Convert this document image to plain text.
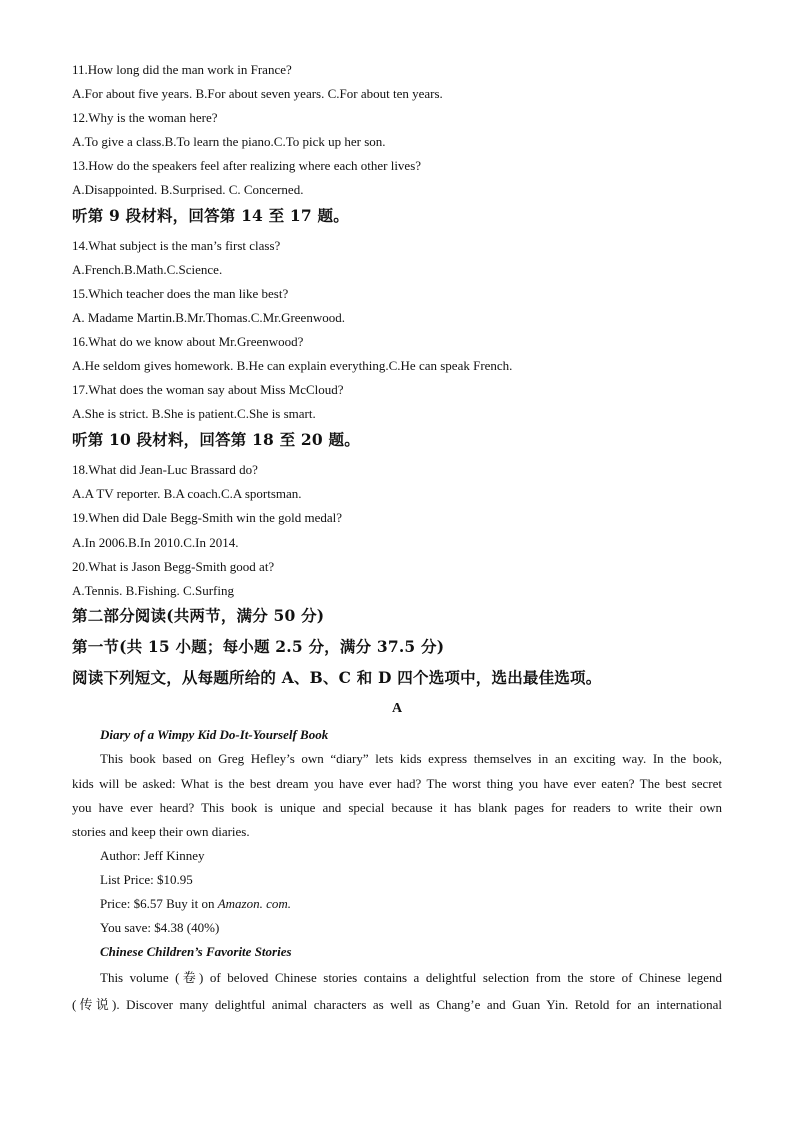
11.How long did the man work in France?
A.For about five years. B.For about seven years. C.For about ten years.
12.Why is the woman here?
A.To give a class.B.To learn the piano.C.To pick up her son.
13.How do the speakers feel after realizing where each other lives?
A.Disappointed. B.Surprised. C. Concerned.
听第 9 段材料，回答第 14 至 17 题。
14.What subject is the man’s first class?
A.French.B.Math.C.Science.
15.Which teacher does the man like best?
A. Madame Martin.B.Mr.Thomas.C.Mr.Greenwood.
16.What do we know about Mr.Greenwood?
A.He seldom gives homework. B.He can explain everything.C.He can speak French.
17.What does the woman say about Miss McCloud?
A.She is strict. B.She is patient.C.She is smart.
听第 10 段材料，回答第 18 至 20 题。
18.What did Jean-Luc Brassard do?
A.A TV reporter. B.A coach.C.A sportsman.
19.When did Dale Begg-Smith win the gold medal?
A.In 2006.B.In 2010.C.In 2014.
20.What is Jason Begg-Smith good at?
A.Tennis. B.Fishing. C.Surfing
第二部分阅读(共两节，满分 50 分)
第一节(共 15 小题；每小题 2.5 分，满分 37.5 分)
阅读下列短文，从每题所给的 A、B、C 和 D 四个选项中，选出最佳选项。
A
Diary of a Wimpy Kid Do-It-Yourself Book
This book based on Greg Hefley’s own “diary” lets kids express themselves in an exciting way. In the book,
kids will be asked: What is the best dream you have ever had? The worst thing you have ever eaten? The best secret
you have ever heard? This book is unique and special because it has blank pages for readers to write their own
stories and keep their own diaries.
Author: Jeff Kinney
List Price: $10.95
Price: $6.57 Buy it on Amazon. com.
You save: $4.38 (40%)
Chinese Children’s Favorite Stories
This volume (卷) of beloved Chinese stories contains a delightful selection from the store of Chinese legend
(传说). Discover many delightful animal characters as well as Chang’e and Guan Yin. Retold for an international
